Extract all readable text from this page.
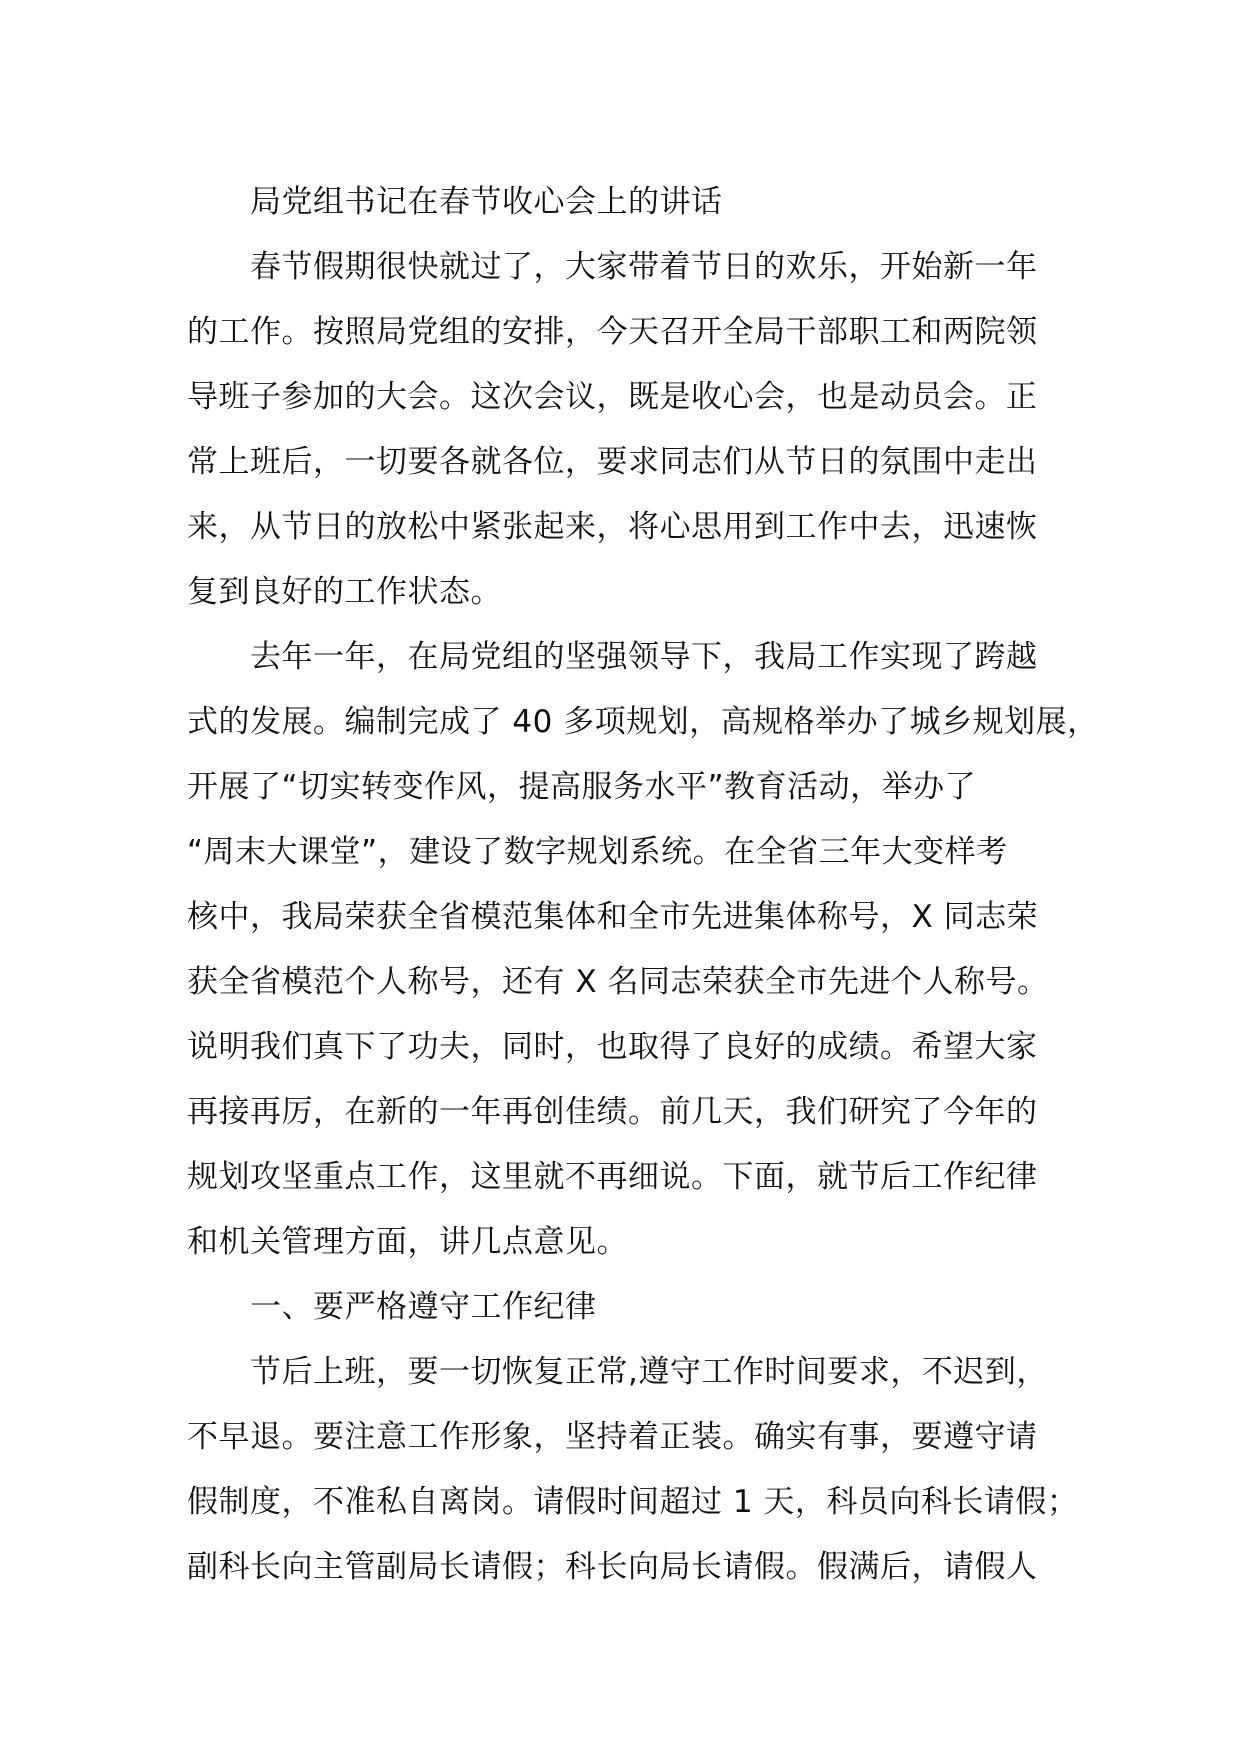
局党组书记在春节收心会上的讲话
春节假期很快就过了，大家带着节日的欢乐，开始新一年
的工作。按照局党组的安排，今天召开全局干部职工和两院领
导班子参加的大会。这次会议，既是收心会，也是动员会。正
常上班后，一切要各就各位，要求同志们从节日的氛围中走出
来，从节日的放松中紧张起来，将心思用到工作中去，迅速恢
复到良好的工作状态。
去年一年，在局党组的坚强领导下，我局工作实现了跨越
式的发展。编制完成了 40 多项规划，高规格举办了城乡规划展，
开展了“切实转变作风，提高服务水平”教育活动，举办了
“周末大课堂”，建设了数字规划系统。在全省三年大变样考
核中，我局荣获全省模范集体和全市先进集体称号，X 同志荣
获全省模范个人称号，还有 X 名同志荣获全市先进个人称号。
说明我们真下了功夫，同时，也取得了良好的成绩。希望大家
再接再厉，在新的一年再创佳绩。前几天，我们研究了今年的
规划攻坚重点工作，这里就不再细说。下面，就节后工作纪律
和机关管理方面，讲几点意见。
一、要严格遵守工作纪律
节后上班，要一切恢复正常,遵守工作时间要求，不迟到，
不早退。要注意工作形象，坚持着正装。确实有事，要遵守请
假制度，不准私自离岗。请假时间超过 1 天，科员向科长请假；
副科长向主管副局长请假；科长向局长请假。假满后，请假人
